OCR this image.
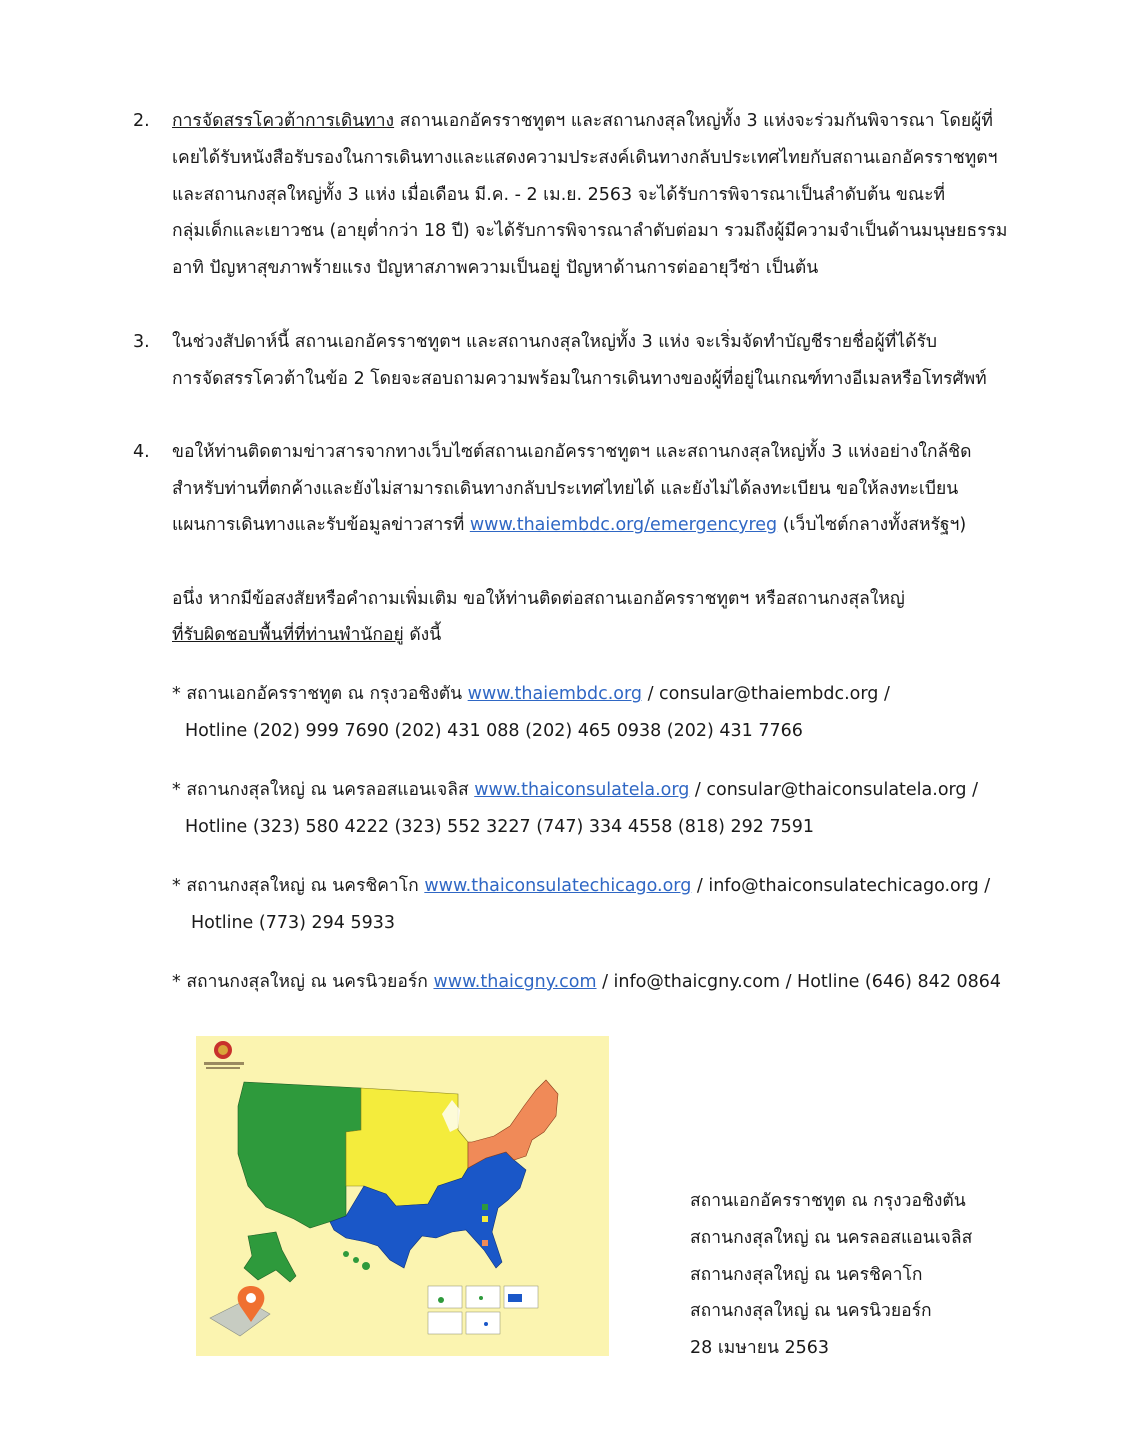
2. การจัดสรรโควต้าการเดินทาง สถานเอกอัครราชทูตฯ และสถานกงสุลใหญ่ทั้ง 3 แห่งจะร่วมกันพิจารณา โดยผู้ที่
เคยได้รับหนังสือรับรองในการเดินทางและแสดงความประสงค์เดินทางกลับประเทศไทยกับสถานเอกอัครราชทูตฯ
และสถานกงสุลใหญ่ทั้ง 3 แห่ง เมื่อเดือน มี.ค. - 2 เม.ย. 2563 จะได้รับการพิจารณาเป็นลำดับต้น ขณะที่
กลุ่มเด็กและเยาวชน (อายุต่ำกว่า 18 ปี) จะได้รับการพิจารณาลำดับต่อมา รวมถึงผู้มีความจำเป็นด้านมนุษยธรรม
อาทิ ปัญหาสุขภาพร้ายแรง ปัญหาสภาพความเป็นอยู่ ปัญหาด้านการต่ออายุวีซ่า เป็นต้น
3. ในช่วงสัปดาห์นี้ สถานเอกอัครราชทูตฯ และสถานกงสุลใหญ่ทั้ง 3 แห่ง จะเริ่มจัดทำบัญชีรายชื่อผู้ที่ได้รับ
การจัดสรรโควต้าในข้อ 2 โดยจะสอบถามความพร้อมในการเดินทางของผู้ที่อยู่ในเกณฑ์ทางอีเมลหรือโทรศัพท์
4. ขอให้ท่านติดตามข่าวสารจากทางเว็บไซต์สถานเอกอัครราชทูตฯ และสถานกงสุลใหญ่ทั้ง 3 แห่งอย่างใกล้ชิด
สำหรับท่านที่ตกค้างและยังไม่สามารถเดินทางกลับประเทศไทยได้ และยังไม่ได้ลงทะเบียน ขอให้ลงทะเบียน
แผนการเดินทางและรับข้อมูลข่าวสารที่ www.thaiembdc.org/emergencyreg (เว็บไซต์กลางทั้งสหรัฐฯ)
อนึ่ง หากมีข้อสงสัยหรือคำถามเพิ่มเติม ขอให้ท่านติดต่อสถานเอกอัครราชทูตฯ หรือสถานกงสุลใหญ่
ที่รับผิดชอบพื้นที่ที่ท่านพำนักอยู่ ดังนี้
* สถานเอกอัครราชทูต ณ กรุงวอชิงตัน www.thaiembdc.org / consular@thaiembdc.org /
Hotline (202) 999 7690 (202) 431 088 (202) 465 0938 (202) 431 7766
* สถานกงสุลใหญ่ ณ นครลอสแอนเจลิส www.thaiconsulatela.org / consular@thaiconsulatela.org /
Hotline (323) 580 4222 (323) 552 3227 (747) 334 4558 (818) 292 7591
* สถานกงสุลใหญ่ ณ นครชิคาโก www.thaiconsulatechicago.org / info@thaiconsulatechicago.org /
Hotline (773) 294 5933
* สถานกงสุลใหญ่ ณ นครนิวยอร์ก www.thaicgny.com / info@thaicgny.com / Hotline (646) 842 0864
สถานเอกอัครราชทูต ณ กรุงวอชิงตัน
สถานกงสุลใหญ่ ณ นครลอสแอนเจลิส
สถานกงสุลใหญ่ ณ นครชิคาโก
สถานกงสุลใหญ่ ณ นครนิวยอร์ก
28 เมษายน 2563
